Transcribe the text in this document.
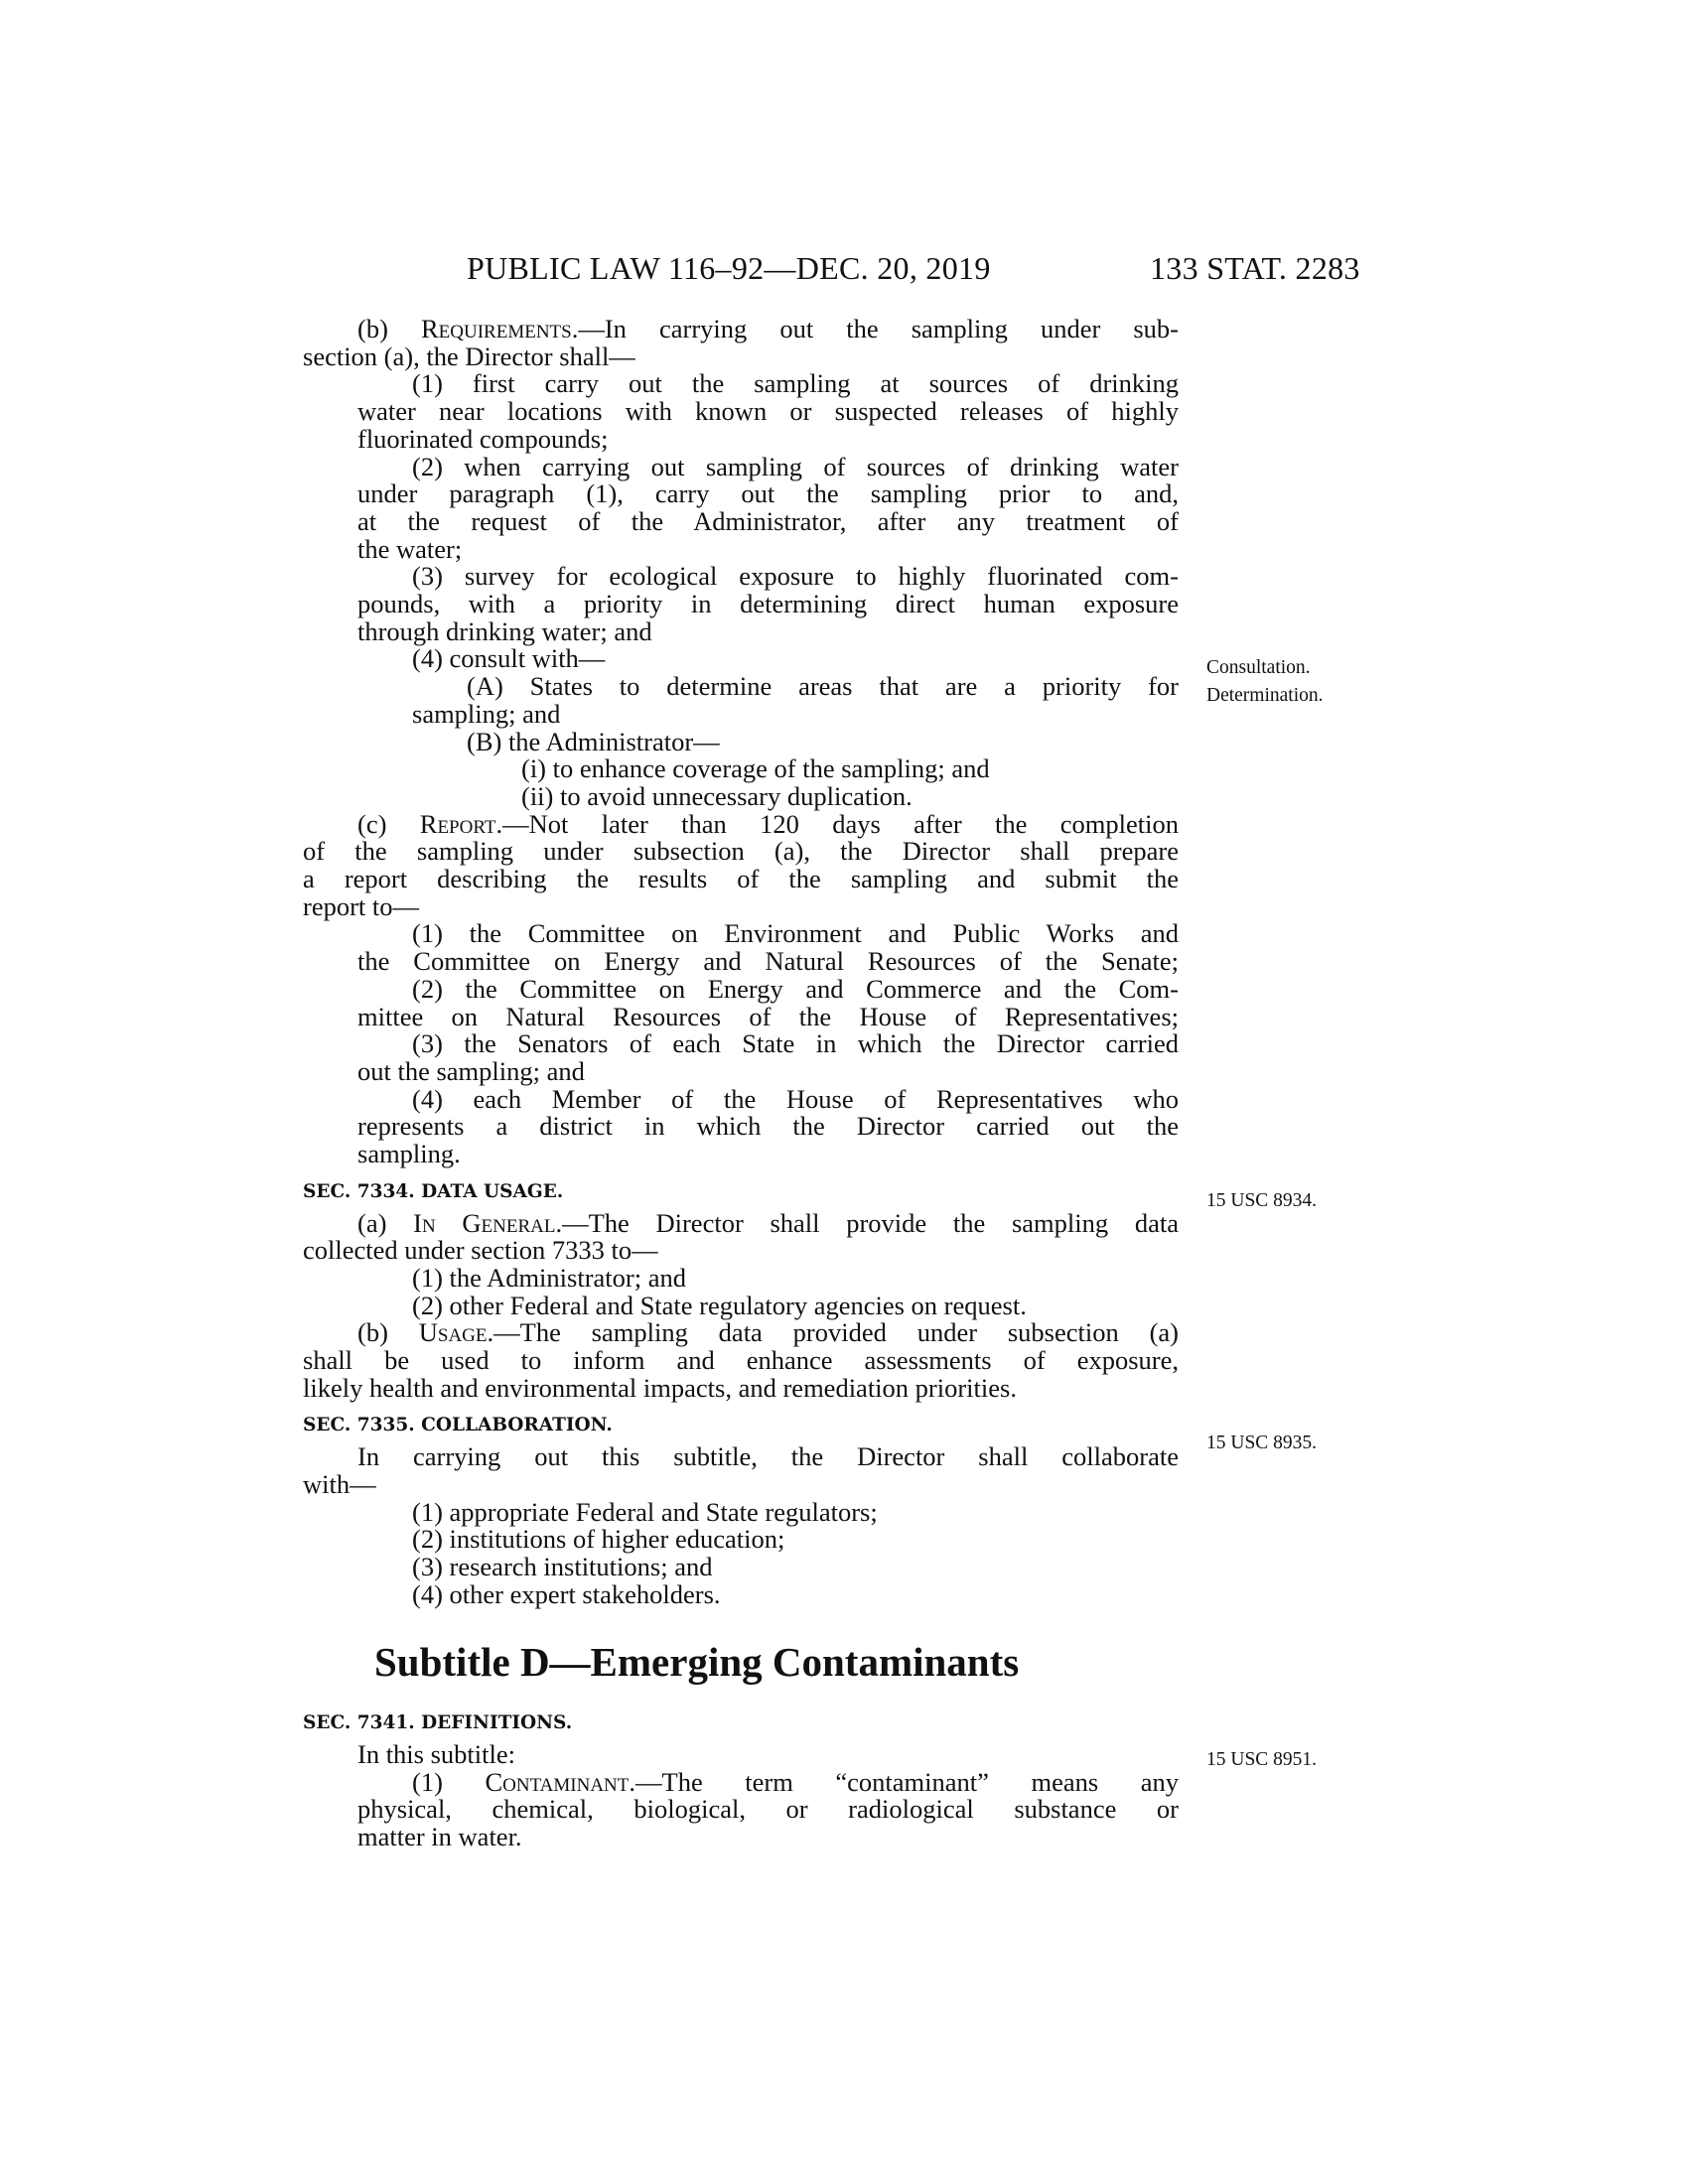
PUBLIC LAW 116–92—DEC. 20, 2019	133 STAT. 2283
Consultation.
Determination.
15 USC 8934.
15 USC 8935.
15 USC 8951.
(b) Requirements.—In carrying out the sampling under sub-
section (a), the Director shall—
(1) first carry out the sampling at sources of drinking
water near locations with known or suspected releases of highly
fluorinated compounds;
(2) when carrying out sampling of sources of drinking water
under paragraph (1), carry out the sampling prior to and,
at the request of the Administrator, after any treatment of
the water;
(3) survey for ecological exposure to highly fluorinated com-
pounds, with a priority in determining direct human exposure
through drinking water; and
(4) consult with—
(A) States to determine areas that are a priority for
sampling; and
(B) the Administrator—
(i) to enhance coverage of the sampling; and
(ii) to avoid unnecessary duplication.
(c) Report.—Not later than 120 days after the completion
of the sampling under subsection (a), the Director shall prepare
a report describing the results of the sampling and submit the
report to—
(1) the Committee on Environment and Public Works and
the Committee on Energy and Natural Resources of the Senate;
(2) the Committee on Energy and Commerce and the Com-
mittee on Natural Resources of the House of Representatives;
(3) the Senators of each State in which the Director carried
out the sampling; and
(4) each Member of the House of Representatives who
represents a district in which the Director carried out the
sampling.
SEC. 7334. DATA USAGE.
(a) In General.—The Director shall provide the sampling data
collected under section 7333 to—
(1) the Administrator; and
(2) other Federal and State regulatory agencies on request.
(b) Usage.—The sampling data provided under subsection (a)
shall be used to inform and enhance assessments of exposure,
likely health and environmental impacts, and remediation priorities.
SEC. 7335. COLLABORATION.
In carrying out this subtitle, the Director shall collaborate
with—
(1) appropriate Federal and State regulators;
(2) institutions of higher education;
(3) research institutions; and
(4) other expert stakeholders.
Subtitle D—Emerging Contaminants
SEC. 7341. DEFINITIONS.
In this subtitle:
(1) Contaminant.—The term “contaminant” means any
physical, chemical, biological, or radiological substance or
matter in water.
